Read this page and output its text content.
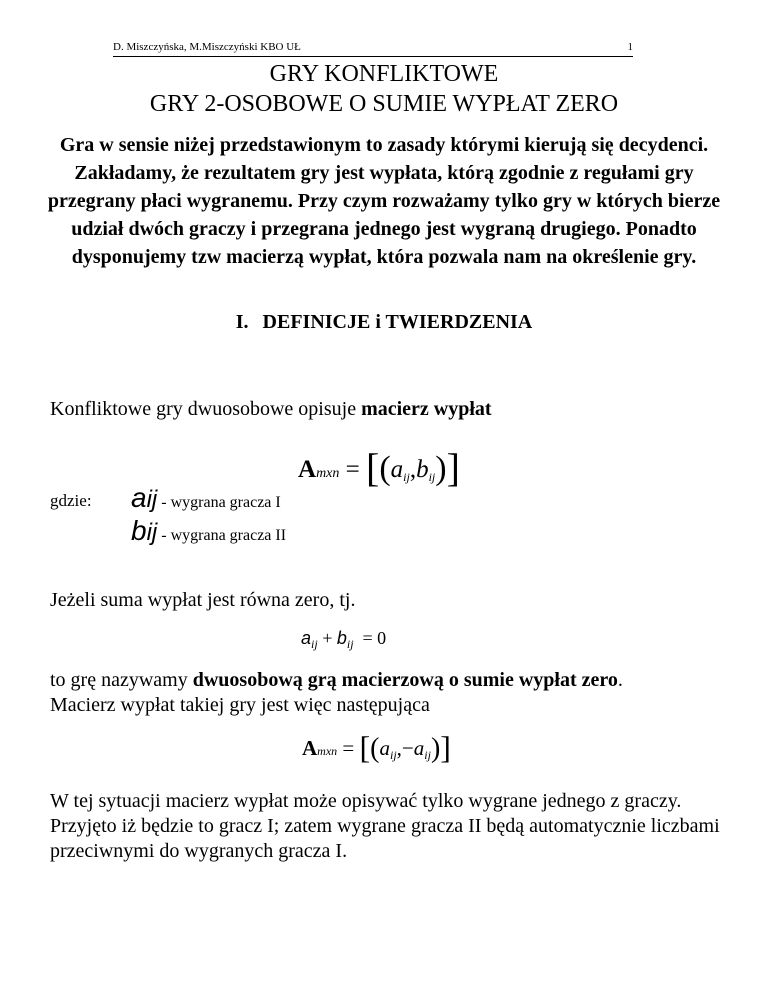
D. Miszczyńska, M.Miszczyński KBO UŁ	1
GRY KONFLIKTOWE
GRY 2-OSOBOWE O SUMIE WYPŁAT ZERO
Gra w sensie niżej przedstawionym to zasady którymi kierują się decydenci. Zakładamy, że rezultatem gry jest wypłata, którą zgodnie z regułami gry przegrany płaci wygranemu. Przy czym rozważamy tylko gry w których bierze udział dwóch graczy i przegrana jednego jest wygraną drugiego. Ponadto dysponujemy tzw macierzą wypłat, która pozwala nam na określenie gry.
I. DEFINICJE i TWIERDZENIA
Konfliktowe gry dwuosobowe opisuje macierz wypłat
Amxn = [(aij,bij)]
gdzie: aij - wygrana gracza I
bij - wygrana gracza II
Jeżeli suma wypłat jest równa zero, tj.
$a_{ij} + b_{ij} = 0$
to grę nazywamy dwuosobową grą macierzową o sumie wypłat zero.
Macierz wypłat takiej gry jest więc następująca
Amxn = [(aij,−aij)]
W tej sytuacji macierz wypłat może opisywać tylko wygrane jednego z graczy. Przyjęto iż będzie to gracz I; zatem wygrane gracza II będą automatycznie liczbami przeciwnymi do wygranych gracza I.
